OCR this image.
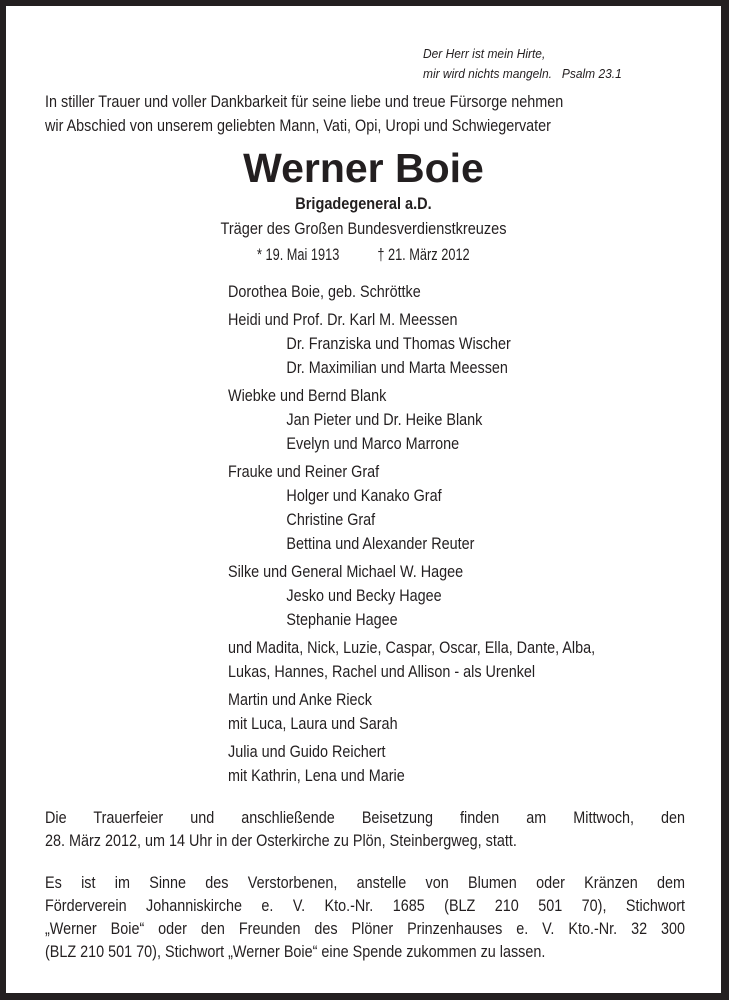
Der Herr ist mein Hirte,
mir wird nichts mangeln.   Psalm 23.1
In stiller Trauer und voller Dankbarkeit für seine liebe und treue Fürsorge nehmen
wir Abschied von unserem geliebten Mann, Vati, Opi, Uropi und Schwiegervater
Werner Boie
Brigadegeneral a.D.
Träger des Großen Bundesverdienstkreuzes
* 19. Mai 1913 † 21. März 2012
Dorothea Boie, geb. Schröttke
Heidi und Prof. Dr. Karl M. Meessen
Dr. Franziska und Thomas Wischer
Dr. Maximilian und Marta Meessen
Wiebke und Bernd Blank
Jan Pieter und Dr. Heike Blank
Evelyn und Marco Marrone
Frauke und Reiner Graf
Holger und Kanako Graf
Christine Graf
Bettina und Alexander Reuter
Silke und General Michael W. Hagee
Jesko und Becky Hagee
Stephanie Hagee
und Madita, Nick, Luzie, Caspar, Oscar, Ella, Dante, Alba,
Lukas, Hannes, Rachel und Allison - als Urenkel
Martin und Anke Rieck
mit Luca, Laura und Sarah
Julia und Guido Reichert
mit Kathrin, Lena und Marie
Die Trauerfeier und anschließende Beisetzung finden am Mittwoch, den
28. März 2012, um 14 Uhr in der Osterkirche zu Plön, Steinbergweg, statt.
Es ist im Sinne des Verstorbenen, anstelle von Blumen oder Kränzen dem
Förderverein Johanniskirche e. V. Kto.-Nr. 1685 (BLZ 210 501 70), Stichwort
„Werner Boie“ oder den Freunden des Plöner Prinzenhauses e. V. Kto.-Nr. 32 300
(BLZ 210 501 70), Stichwort „Werner Boie“ eine Spende zukommen zu lassen.
